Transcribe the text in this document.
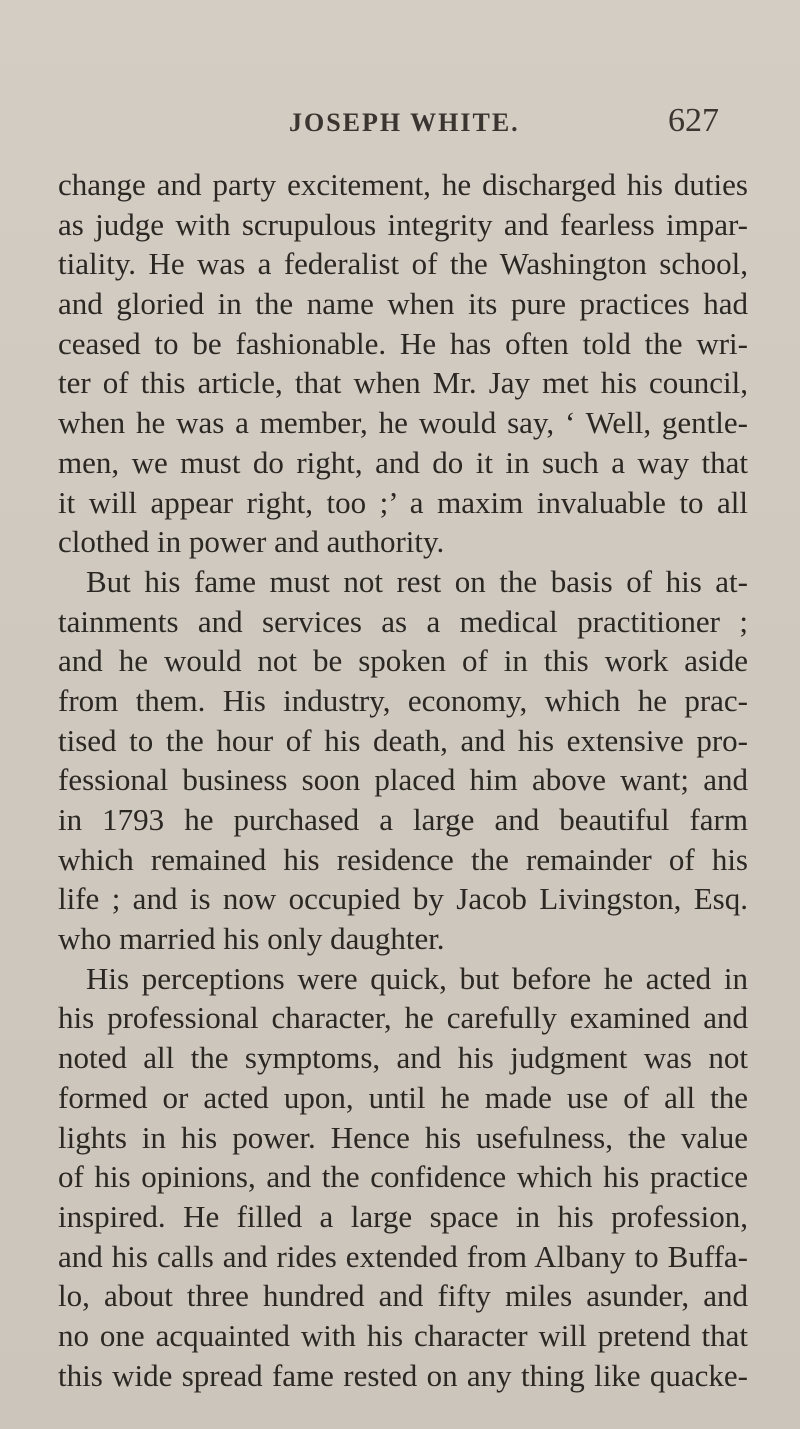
JOSEPH WHITE.	627
change and party excitement, he discharged his duties
as judge with scrupulous integrity and fearless impar-
tiality. He was a federalist of the Washington school,
and gloried in the name when its pure practices had
ceased to be fashionable. He has often told the wri-
ter of this article, that when Mr. Jay met his council,
when he was a member, he would say, ‘ Well, gentle-
men, we must do right, and do it in such a way that
it will appear right, too ;’ a maxim invaluable to all
clothed in power and authority.
But his fame must not rest on the basis of his at-
tainments and services as a medical practitioner ;
and he would not be spoken of in this work aside
from them. His industry, economy, which he prac-
tised to the hour of his death, and his extensive pro-
fessional business soon placed him above want; and
in 1793 he purchased a large and beautiful farm
which remained his residence the remainder of his
life ; and is now occupied by Jacob Livingston, Esq.
who married his only daughter.
His perceptions were quick, but before he acted in
his professional character, he carefully examined and
noted all the symptoms, and his judgment was not
formed or acted upon, until he made use of all the
lights in his power. Hence his usefulness, the value
of his opinions, and the confidence which his practice
inspired. He filled a large space in his profession,
and his calls and rides extended from Albany to Buffa-
lo, about three hundred and fifty miles asunder, and
no one acquainted with his character will pretend that
this wide spread fame rested on any thing like quacke-
